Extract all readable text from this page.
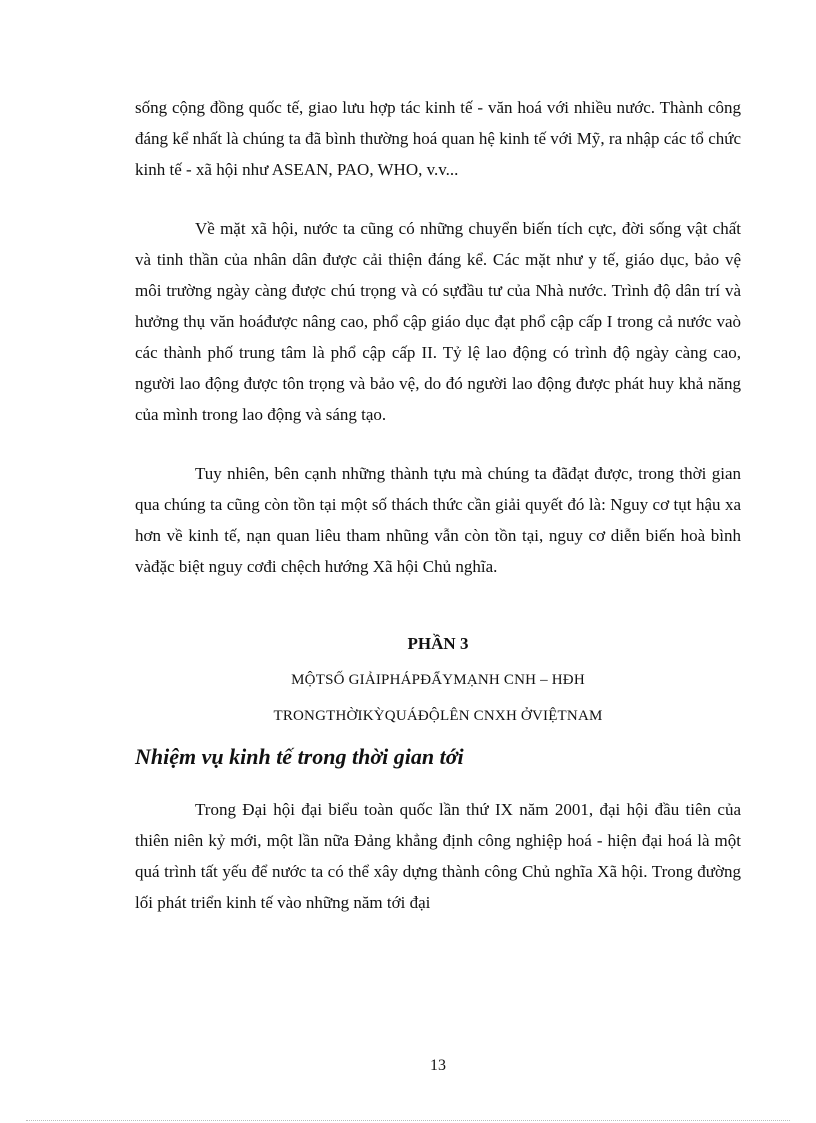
sống cộng đồng quốc tế, giao lưu hợp tác kinh tế - văn hoá với nhiều nước. Thành công đáng kể nhất là chúng ta đã bình thường hoá quan hệ kinh tế với Mỹ, ra nhập các tổ chức kinh tế - xã hội như ASEAN, PAO, WHO, v.v...

Về mặt xã hội, nước ta cũng có những chuyển biến tích cực, đời sống vật chất và tinh thần của nhân dân được cải thiện đáng kể. Các mặt như y tế, giáo dục, bảo vệ môi trường ngày càng được chú trọng và có sựđầu tư của Nhà nước. Trình độ dân trí và hưởng thụ văn hoáđược nâng cao, phổ cập giáo dục đạt phổ cập cấp I trong cả nước vaò các thành phố trung tâm là phổ cập cấp II. Tỷ lệ lao động có trình độ ngày càng cao, người lao động được tôn trọng và bảo vệ, do đó người lao động được phát huy khả năng của mình trong lao động và sáng tạo.

Tuy nhiên, bên cạnh những thành tựu mà chúng ta đãđạt được, trong thời gian qua chúng ta cũng còn tồn tại một số thách thức cần giải quyết đó là: Nguy cơ tụt hậu xa hơn về kinh tế, nạn quan liêu tham nhũng vẫn còn tồn tại, nguy cơ diễn biến hoà bình vàđặc biệt nguy cơđi chệch hướng Xã hội Chủ nghĩa.

PHẦN 3
MỘTSỐ GIẢIPHÁPĐẨYMẠNH CNH – HĐH
TRONGTHỜIKỲQUÁĐỘLÊN CNXH ỞVIỆTNAM
Nhiệm vụ kinh tế trong thời gian tới

Trong Đại hội đại biểu toàn quốc lần thứ IX năm 2001, đại hội đầu tiên của thiên niên kỷ mới, một lần nữa Đảng khẳng định công nghiệp hoá - hiện đại hoá là một quá trình tất yếu để nước ta có thể xây dựng thành công Chủ nghĩa Xã hội. Trong đường lối phát triển kinh tế vào những năm tới đại

13
